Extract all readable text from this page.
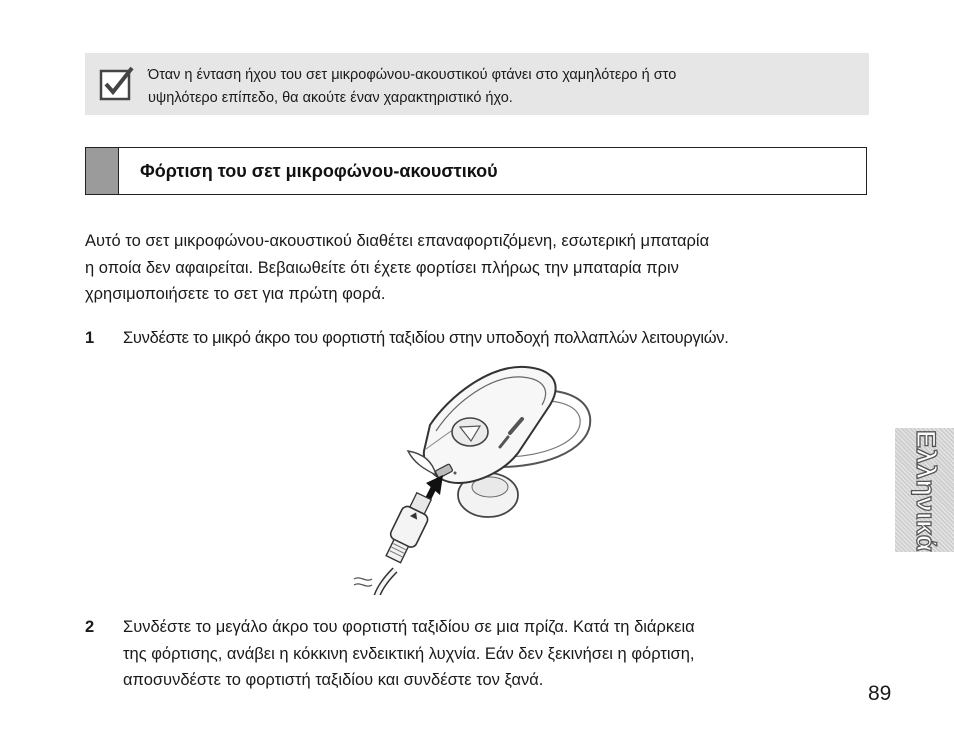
Όταν η ένταση ήχου του σετ μικροφώνου-ακουστικού φτάνει στο χαμηλότερο ή στο
υψηλότερο επίπεδο, θα ακούτε έναν χαρακτηριστικό ήχο.
Φόρτιση του σετ μικροφώνου-ακουστικού
Αυτό το σετ μικροφώνου-ακουστικού διαθέτει επαναφορτιζόμενη, εσωτερική μπαταρία
η οποία δεν αφαιρείται. Βεβαιωθείτε ότι έχετε φορτίσει πλήρως την μπαταρία πριν
χρησιμοποιήσετε το σετ για πρώτη φορά.
1 Συνδέστε το μικρό άκρο του φορτιστή ταξιδίου στην υποδοχή πολλαπλών λειτουργιών.
2 Συνδέστε το μεγάλο άκρο του φορτιστή ταξιδίου σε μια πρίζα. Κατά τη διάρκεια
της φόρτισης, ανάβει η κόκκινη ενδεικτική λυχνία. Εάν δεν ξεκινήσει η φόρτιση,
αποσυνδέστε το φορτιστή ταξιδίου και συνδέστε τον ξανά.
Ελληνικά
89
